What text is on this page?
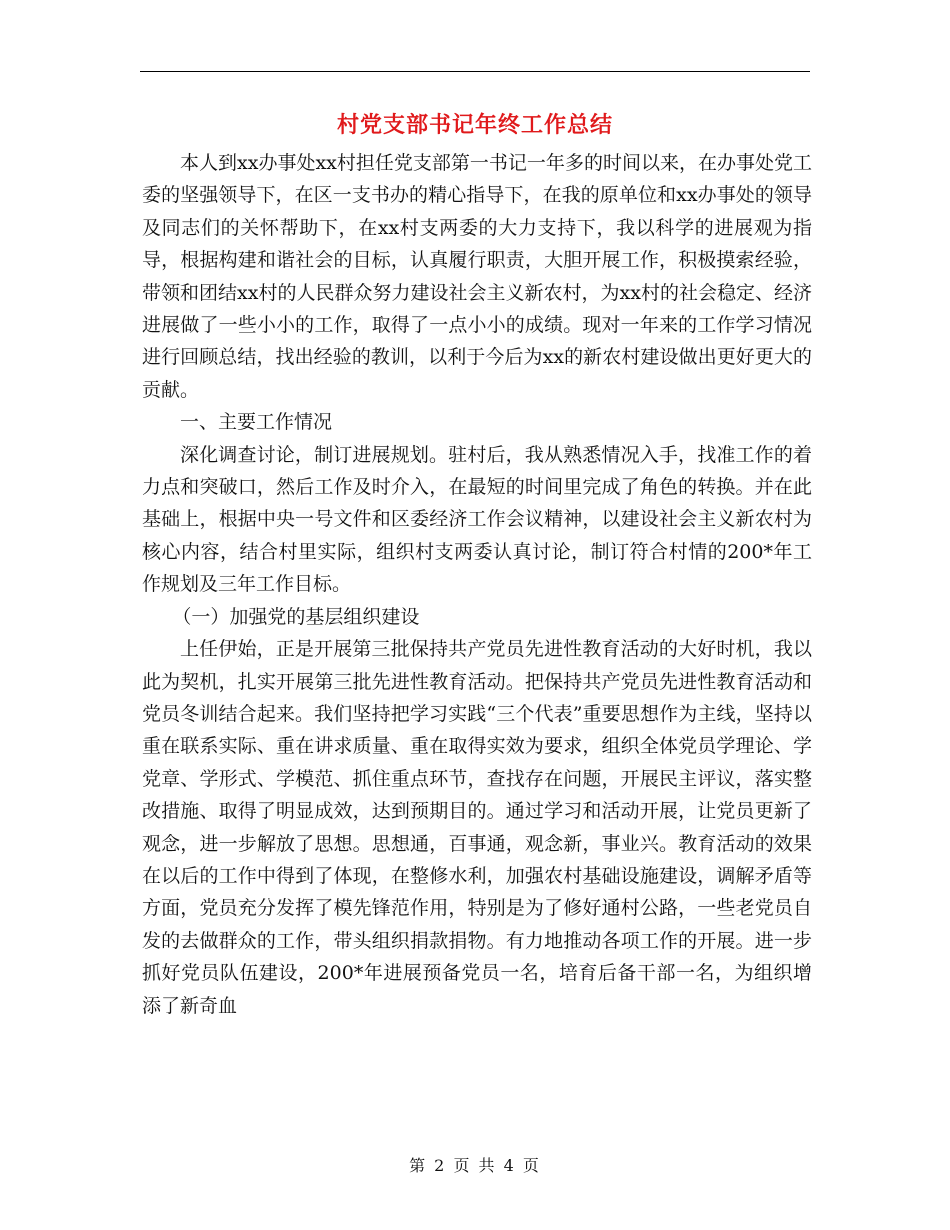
村党支部书记年终工作总结

本人到xx办事处xx村担任党支部第一书记一年多的时间以来，在办事处党工委的坚强领导下，在区一支书办的精心指导下，在我的原单位和xx办事处的领导及同志们的关怀帮助下，在xx村支两委的大力支持下，我以科学的进展观为指导，根据构建和谐社会的目标，认真履行职责，大胆开展工作，积极摸索经验，带领和团结xx村的人民群众努力建设社会主义新农村，为xx村的社会稳定、经济进展做了一些小小的工作，取得了一点小小的成绩。现对一年来的工作学习情况进行回顾总结，找出经验的教训，以利于今后为xx的新农村建设做出更好更大的贡献。

一、主要工作情况

深化调查讨论，制订进展规划。驻村后，我从熟悉情况入手，找准工作的着力点和突破口，然后工作及时介入，在最短的时间里完成了角色的转换。并在此基础上，根据中央一号文件和区委经济工作会议精神，以建设社会主义新农村为核心内容，结合村里实际，组织村支两委认真讨论，制订符合村情的200*年工作规划及三年工作目标。

（一）加强党的基层组织建设

上任伊始，正是开展第三批保持共产党员先进性教育活动的大好时机，我以此为契机，扎实开展第三批先进性教育活动。把保持共产党员先进性教育活动和党员冬训结合起来。我们坚持把学习实践“三个代表”重要思想作为主线，坚持以重在联系实际、重在讲求质量、重在取得实效为要求，组织全体党员学理论、学党章、学形式、学模范、抓住重点环节，查找存在问题，开展民主评议，落实整改措施、取得了明显成效，达到预期目的。通过学习和活动开展，让党员更新了观念，进一步解放了思想。思想通，百事通，观念新，事业兴。教育活动的效果在以后的工作中得到了体现，在整修水利，加强农村基础设施建设，调解矛盾等方面，党员充分发挥了模先锋范作用，特别是为了修好通村公路，一些老党员自发的去做群众的工作，带头组织捐款捐物。有力地推动各项工作的开展。进一步抓好党员队伍建设，200*年进展预备党员一名，培育后备干部一名，为组织增添了新奇血

第 2 页 共 4 页
